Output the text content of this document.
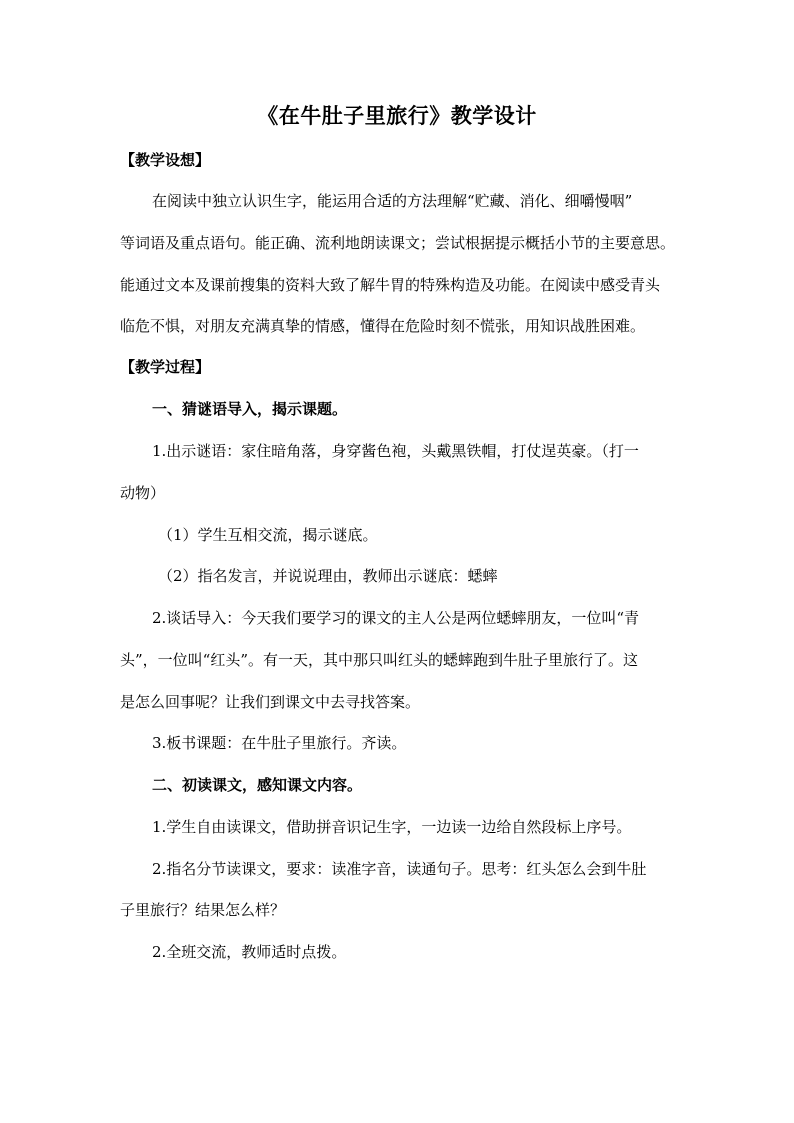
《在牛肚子里旅行》教学设计
【教学设想】
在阅读中独立认识生字，能运用合适的方法理解“贮藏、消化、细嚼慢咽”
等词语及重点语句。能正确、流利地朗读课文；尝试根据提示概括小节的主要意思。
能通过文本及课前搜集的资料大致了解牛胃的特殊构造及功能。在阅读中感受青头
临危不惧，对朋友充满真挚的情感，懂得在危险时刻不慌张，用知识战胜困难。
【教学过程】
一、猜谜语导入，揭示课题。
1.出示谜语：家住暗角落，身穿酱色袍，头戴黑铁帽，打仗逞英豪。（打一
动物）
（1）学生互相交流，揭示谜底。
（2）指名发言，并说说理由，教师出示谜底：蟋蟀
2.谈话导入：今天我们要学习的课文的主人公是两位蟋蟀朋友，一位叫“青
头”，一位叫“红头”。有一天，其中那只叫红头的蟋蟀跑到牛肚子里旅行了。这
是怎么回事呢？让我们到课文中去寻找答案。
3.板书课题：在牛肚子里旅行。齐读。
二、初读课文，感知课文内容。
1.学生自由读课文，借助拼音识记生字，一边读一边给自然段标上序号。
2.指名分节读课文，要求：读准字音，读通句子。思考：红头怎么会到牛肚
子里旅行？结果怎么样？
2.全班交流，教师适时点拨。
